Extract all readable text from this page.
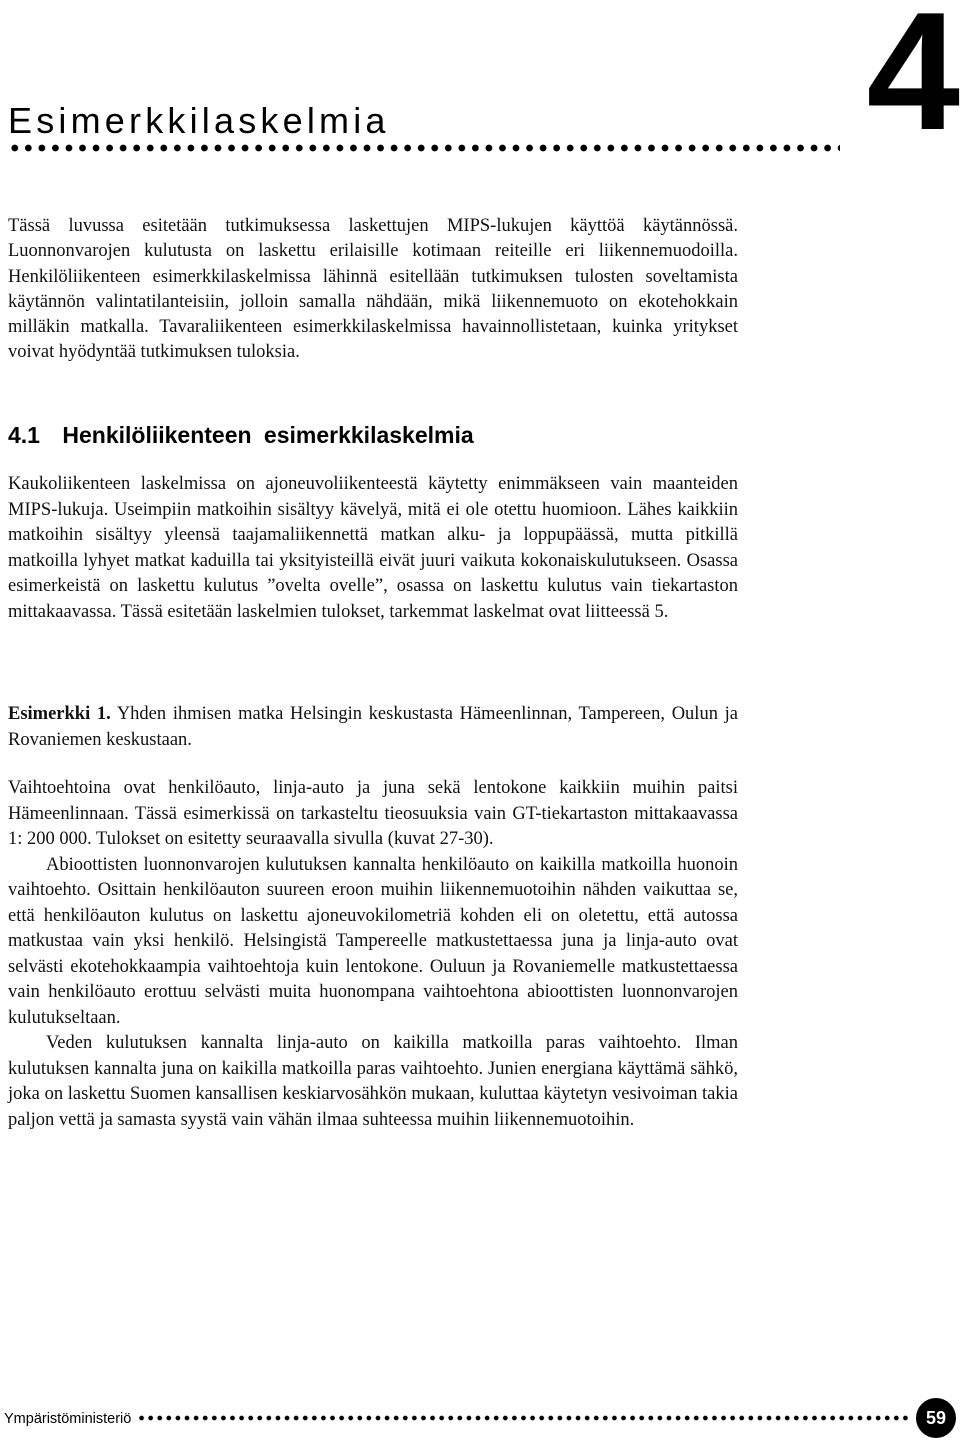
4
Esimerkkilaskelmia

Tässä luvussa esitetään tutkimuksessa laskettujen MIPS-lukujen käyttöä käytännössä. Luonnonvarojen kulutusta on laskettu erilaisille kotimaan reiteille eri liikennemuodoilla. Henkilöliikenteen esimerkkilaskelmissa lähinnä esitellään tutkimuksen tulosten soveltamista käytännön valintatilanteisiin, jolloin samalla nähdään, mikä liikennemuoto on ekotehokkain milläkin matkalla. Tavaraliikenteen esimerkkilaskelmissa havainnollistetaan, kuinka yritykset voivat hyödyntää tutkimuksen tuloksia.

4.1 Henkilöliikenteen esimerkkilaskelmia

Kaukoliikenteen laskelmissa on ajoneuvoliikenteestä käytetty enimmäkseen vain maanteiden MIPS-lukuja. Useimpiin matkoihin sisältyy kävelyä, mitä ei ole otettu huomioon. Lähes kaikkiin matkoihin sisältyy yleensä taajamaliikennettä matkan alku- ja loppupäässä, mutta pitkillä matkoilla lyhyet matkat kaduilla tai yksityisteillä eivät juuri vaikuta kokonaiskulutukseen. Osassa esimerkeistä on laskettu kulutus ”ovelta ovelle”, osassa on laskettu kulutus vain tiekartaston mittakaavassa. Tässä esitetään laskelmien tulokset, tarkemmat laskelmat ovat liitteessä 5.

Esimerkki 1. Yhden ihmisen matka Helsingin keskustasta Hämeenlinnan, Tampereen, Oulun ja Rovaniemen keskustaan.

Vaihtoehtoina ovat henkilöauto, linja-auto ja juna sekä lentokone kaikkiin muihin paitsi Hämeenlinnaan. Tässä esimerkissä on tarkasteltu tieosuuksia vain GT-tiekartaston mittakaavassa 1: 200 000. Tulokset on esitetty seuraavalla sivulla (kuvat 27-30).

Abioottisten luonnonvarojen kulutuksen kannalta henkilöauto on kaikilla matkoilla huonoin vaihtoehto. Osittain henkilöauton suureen eroon muihin liikennemuotoihin nähden vaikuttaa se, että henkilöauton kulutus on laskettu ajoneuvokilometriä kohden eli on oletettu, että autossa matkustaa vain yksi henkilö. Helsingistä Tampereelle matkustettaessa juna ja linja-auto ovat selvästi ekotehokkaampia vaihtoehtoja kuin lentokone. Ouluun ja Rovaniemelle matkustettaessa vain henkilöauto erottuu selvästi muita huonompana vaihtoehtona abioottisten luonnonvarojen kulutukseltaan.

Veden kulutuksen kannalta linja-auto on kaikilla matkoilla paras vaihtoehto. Ilman kulutuksen kannalta juna on kaikilla matkoilla paras vaihtoehto. Junien energiana käyttämä sähkö, joka on laskettu Suomen kansallisen keskiarvosähkön mukaan, kuluttaa käytetyn vesivoiman takia paljon vettä ja samasta syystä vain vähän ilmaa suhteessa muihin liikennemuotoihin.

Ympäristöministeriö	59
